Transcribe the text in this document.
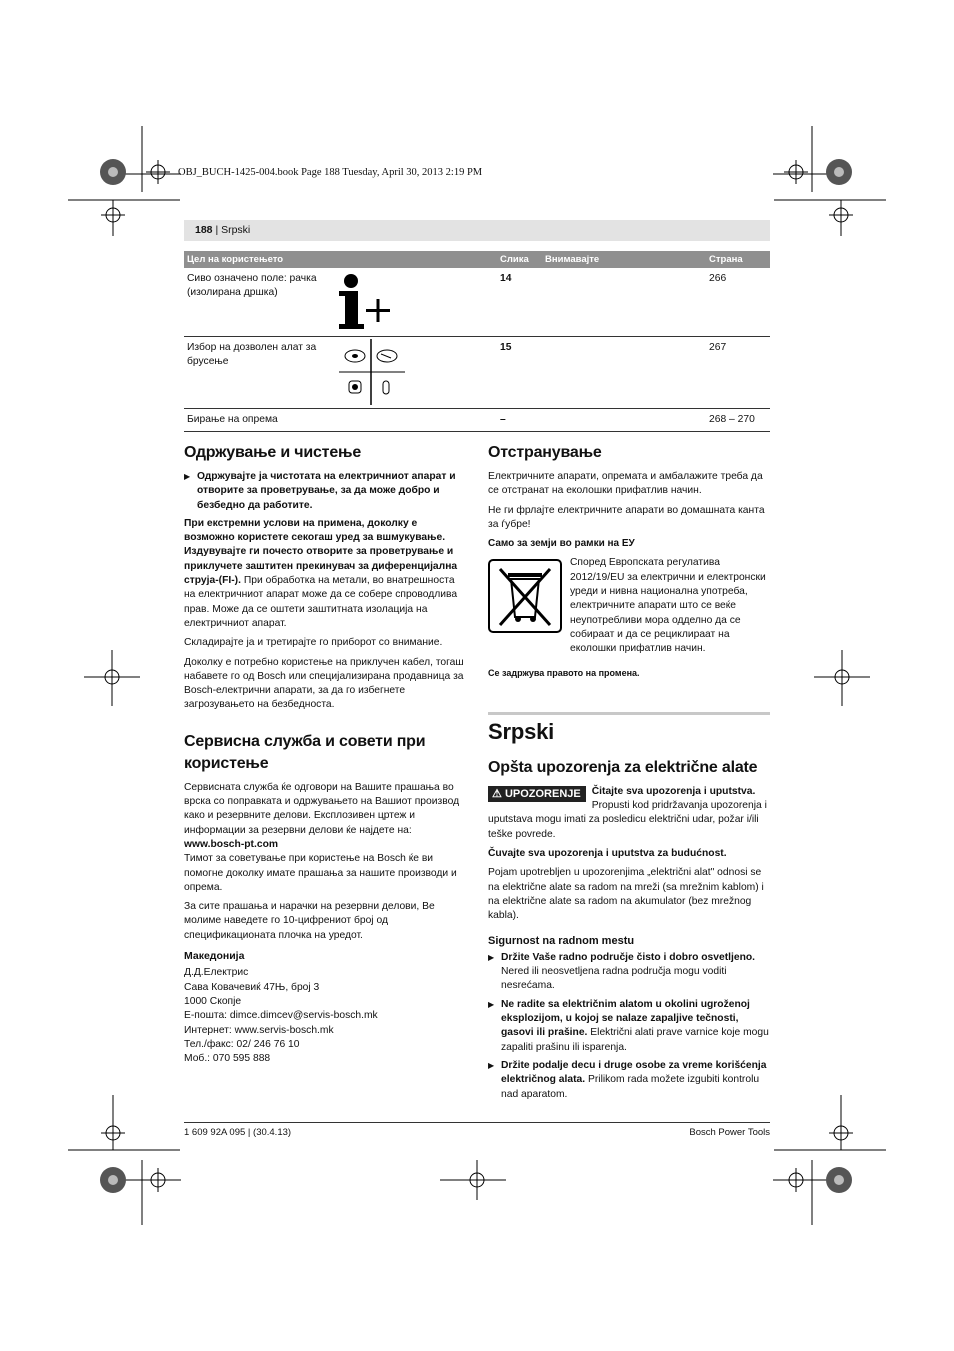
OBJ_BUCH-1425-004.book Page 188 Tuesday, April 30, 2013 2:19 PM
188 | Srpski
Цел на користењето	Слика	Внимавајте	Страна

Сиво означено поле: рачка (изолирана дршка)	14		266

Избор на дозволен алат за брусење	15		267
Бирање на опрема	–		268 – 270
Одржување и чистење
▶ Одржувајте ја чистотата на електричниот апарат и отворите за проветрување, за да може добро и безбедно да работите.

При екстремни услови на примена, доколку е возможно користете секогаш уред за вшмукување. Издувувајте ги почесто отворите за проветрување и приклучете заштитен прекинувач за диференцијална струја-(FI-). При обработка на метали, во внатрешноста на електричниот апарат може да се собере спроводлива прав. Може да се оштети заштитната изолација на електричниот апарат.

Складирајте ја и третирајте го приборот со внимание.

Доколку е потребно користење на приклучен кабел, тогаш набавете го од Bosch или специјализирана продавница за Bosch-електрични апарати, за да го избегнете загрозувањето на безбедноста.

Сервисна служба и совети при користење

Сервисната служба ќе одговори на Вашите прашања во врска со поправката и одржувањето на Вашиот производ како и резервните делови. Експлозивен цртеж и информации за резервни делови ќе најдете на:

www.bosch-pt.com

Тимот за советување при користење на Bosch ќе ви помогне доколку имате прашања за нашите производи и опрема.

За сите прашања и нарачки на резервни делови, Ве молиме наведете го 10-цифрениот број од спецификационата плочка на уредот.

Македонија
Д.Д.Електрис
Сава Ковачевиќ 47Њ, број 3
1000 Скопје
E-пошта: dimce.dimcev@servis-bosch.mk
Интернет: www.servis-bosch.mk
Тел./факс: 02/ 246 76 10
Моб.: 070 595 888
Отстранување

Електричните апарати, опремата и амбалажите треба да се отстранат на еколошки прифатлив начин.

Не ги фрлајте електричните апарати во домашната канта за ѓубре!

Само за земји во рамки на ЕУ

Според Европската регулатива 2012/19/EU за електрични и електронски уреди и нивна национална употреба, електричните апарати што се веќе неупотребливи мора одделно да се собираат и да се рециклираат на еколошки прифатлив начин.

Се задржува правото на промена.

Srpski
Opšta upozorenja za električne alate

⚠ UPOZORENJE	Čitajte sva upozorenja i uputstva. Propusti kod pridržavanja upozorenja i uputstava mogu imati za posledicu električni udar, požar i/ili teške povrede.

Čuvajte sva upozorenja i uputstva za budućnost.

Pojam upotrebljen u upozorenjima „električni alat" odnosi se na električne alate sa radom na mreži (sa mrežnim kablom) i na električne alate sa radom na akumulator (bez mrežnog kabla).

Sigurnost na radnom mestu
▶ Držite Vaše radno područje čisto i dobro osvetljeno. Nered ili neosvetljena radna područja mogu voditi nesrećama.
▶ Ne radite sa električnim alatom u okolini ugroženoj eksplozijom, u kojoj se nalaze zapaljive tečnosti, gasovi ili prašine. Električni alati prave varnice koje mogu zapaliti prašinu ili isparenja.
▶ Držite podalje decu i druge osobe za vreme korišćenja električnog alata. Prilikom rada možete izgubiti kontrolu nad aparatom.
1 609 92A 095 | (30.4.13)	Bosch Power Tools
